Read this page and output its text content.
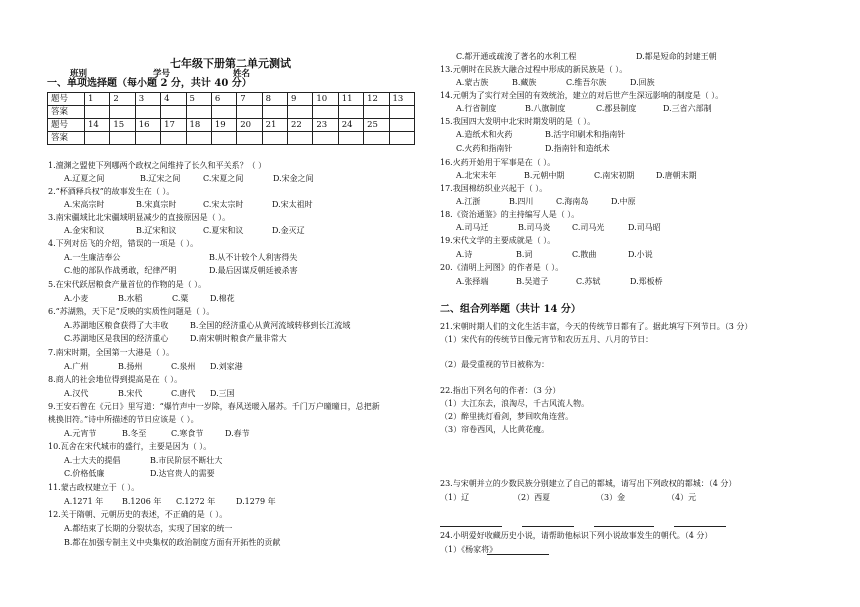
七年级下册第二单元测试
班别	学号	姓名
一、单项选择题（每小题 2 分，共计 40 分）
题号	1	2	3	4	5	6	7	8	9	10	11	12	13
答案													
题号	14	15	16	17	18	19	20	21	22	23	24	25	
答案													
1.澶渊之盟使下列哪两个政权之间维持了长久和平关系？（ ）
A.辽夏之间	B.辽宋之间	C.宋夏之间	D.宋金之间
2.“杯酒释兵权”的故事发生在（ ）。
A.宋高宗时	B.宋真宗时	C.宋太宗时	D.宋太祖时
3.南宋疆域比北宋疆域明显减少的直接原因是（ ）。
A.金宋和议	B.辽宋和议	C.夏宋和议	D.金灭辽
4.下列对岳飞的介绍，错误的一项是（ ）。
A.一生廉洁奉公	B.从不计较个人利害得失
C.他的部队作战勇敢，纪律严明	D.最后因谋反朝廷被杀害
5.在宋代跃居粮食产量首位的作物的是（ ）。
A.小麦	B.水稻	C.粟	D.棉花
6.“苏湖熟，天下足”反映的实质性问题是（ ）。
A.苏湖地区粮食获得了大丰收	B.全国的经济重心从黄河流域转移到长江流域
C.苏湖地区是我国的经济重心	D.南宋朝时粮食产量非常大
7.南宋时期，全国第一大港是（ ）。
A.广州	B.扬州	C.泉州 D.刘家港
8.商人的社会地位得到提高是在（ ）。
A.汉代	B.宋代	C.唐代 D.三国
9.王安石曾在《元日》里写道：“爆竹声中一岁除，春风送暖入屠苏。千门万户曈曈日，总把新
桃换旧符。”诗中所描述的节日应该是（ ）。
A.元宵节	B.冬至	C.寒食节	D.春节
10.瓦舍在宋代城市的盛行，主要是因为（ ）。
A.士大夫的提倡	B.市民阶层不断壮大
C.价格低廉	D.达官贵人的需要
11.蒙古政权建立于（ ）。
A.1271 年 B.1206 年 C.1272 年	D.1279 年
12.关于隋朝、元朝历史的表述，不正确的是（ ）。
A.都结束了长期的分裂状态，实现了国家的统一
B.都在加强专制主义中央集权的政治制度方面有开拓性的贡献
C.都开通或疏浚了著名的水利工程	D.都是短命的封建王朝
13.元朝时在民族大融合过程中形成的新民族是（ ）。
A.蒙古族	B.藏族	C.维吾尔族	D.回族
14.元朝为了实行对全国的有效统治，建立的对后世产生深远影响的制度是（ ）。
A.行省制度	B.八旗制度	C.郡县制度	D.三省六部制
15.我国四大发明中北宋时期发明的是（ ）。
A.造纸术和火药	B.活字印刷术和指南针
C.火药和指南针	D.指南针和造纸术
16.火药开始用于军事是在（ ）。
A.北宋末年	B.元朝中期	C.南宋初期	D.唐朝末期
17.我国棉纺织业兴起于（ ）。
A.江浙	B.四川	C.海南岛	D.中原
18.《资治通鉴》的主持编写人是（ ）。
A.司马迁	B.司马炎	C.司马光	D.司马昭
19.宋代文学的主要成就是（ ）。
A.诗	B.词	C.散曲	D.小说
20.《清明上河图》的作者是（ ）。
A.张择端	B.吴道子	C.苏轼	D.郑板桥
二、组合列举题（共计 14 分）
21.宋朝时期人们的文化生活丰富，今天的传统节日都有了。据此填写下列节日。（3 分）
（1）宋代有的传统节日像元宵节和农历五月、八月的节日：
（2）最受重视的节日被称为：
22.指出下列名句的作者：（3 分）
（1）大江东去，浪淘尽，千古风流人物。
（2）醉里挑灯看剑，梦回吹角连营。
（3）帘卷西风，人比黄花瘦。
23.与宋朝并立的少数民族分别建立了自己的都城，请写出下列政权的都城：（4 分）
（1）辽	（2）西夏	（3）金	（4）元
24.小明爱好收藏历史小说，请帮助他标识下列小说故事发生的朝代。（4 分）
（1）《杨家将》
